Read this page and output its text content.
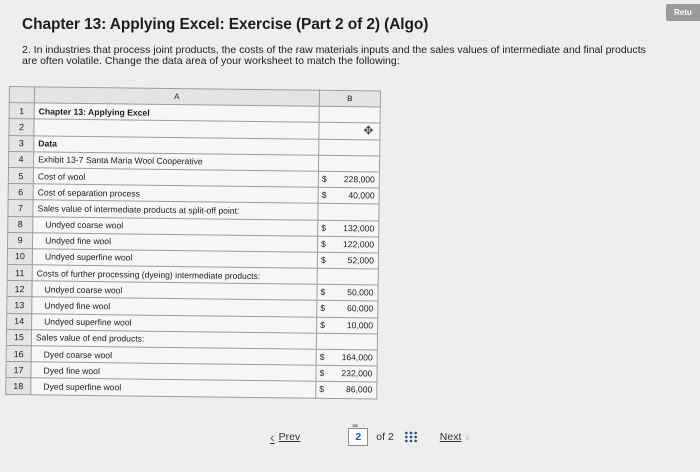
Chapter 13: Applying Excel: Exercise (Part 2 of 2) (Algo)
Retu
2. In industries that process joint products, the costs of the raw materials inputs and the sales values of intermediate and final products are often volatile. Change the data area of your worksheet to match the following:
	A	B
1	Chapter 13: Applying Excel	

2		✥

3	Data	

4	Exhibit 13-7 Santa Maria Wool Cooperative	

5	Cost of wool	$ 228,000

6	Cost of separation process	$ 40,000

7	Sales value of intermediate products at split-off point:	

8	Undyed coarse wool	$ 132,000

9	Undyed fine wool	$ 122,000

10	Undyed superfine wool	$ 52,000

11	Costs of further processing (dyeing) intermediate products:	

12	Undyed coarse wool	$ 50,000

13	Undyed fine wool	$ 60,000

14	Undyed superfine wool	$ 10,000

15	Sales value of end products:	

16	Dyed coarse wool	$ 164,000

17	Dyed fine wool	$ 232,000

18	Dyed superfine wool	$ 86,000
‹ Prev
∞
2	of 2	Next ›
